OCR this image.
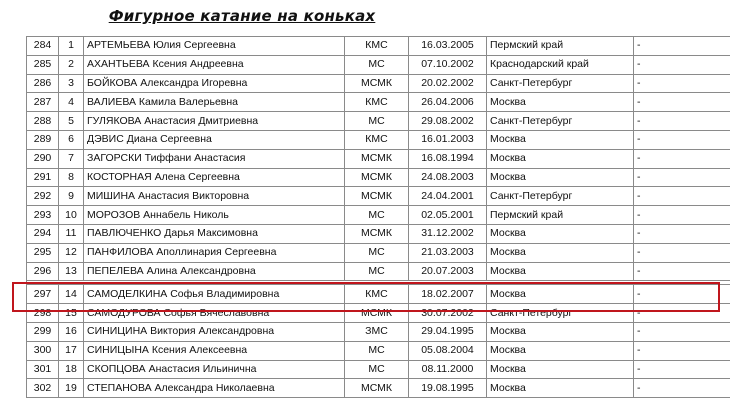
Фигурное катание на коньках
284	1	АРТЕМЬЕВА Юлия Сергеевна	КМС	16.03.2005	Пермский край	-
285	2	АХАНТЬЕВА Ксения Андреевна	МС	07.10.2002	Краснодарский край	-
286	3	БОЙКОВА Александра Игоревна	МСМК	20.02.2002	Санкт-Петербург	-
287	4	ВАЛИЕВА Камила Валерьевна	КМС	26.04.2006	Москва	-
288	5	ГУЛЯКОВА Анастасия Дмитриевна	МС	29.08.2002	Санкт-Петербург	-
289	6	ДЭВИС Диана Сергеевна	КМС	16.01.2003	Москва	-
290	7	ЗАГОРСКИ Тиффани Анастасия	МСМК	16.08.1994	Москва	-
291	8	КОСТОРНАЯ Алена Сергеевна	МСМК	24.08.2003	Москва	-
292	9	МИШИНА Анастасия Викторовна	МСМК	24.04.2001	Санкт-Петербург	-
293	10	МОРОЗОВ Аннабель Николь	МС	02.05.2001	Пермский край	-
294	11	ПАВЛЮЧЕНКО Дарья Максимовна	МСМК	31.12.2002	Москва	-
295	12	ПАНФИЛОВА Аполлинария Сергеевна	МС	21.03.2003	Москва	-
296	13	ПЕПЕЛЕВА Алина Александровна	МС	20.07.2003	Москва	-

297	14	САМОДЕЛКИНА Софья Владимировна	КМС	18.02.2007	Москва	-
298	15	САМОДУРОВА Софья Вячеславовна	МСМК	30.07.2002	Санкт-Петербург	-
299	16	СИНИЦИНА Виктория Александровна	ЗМС	29.04.1995	Москва	-
300	17	СИНИЦЫНА Ксения Алексеевна	МС	05.08.2004	Москва	-
301	18	СКОПЦОВА Анастасия Ильинична	МС	08.11.2000	Москва	-
302	19	СТЕПАНОВА Александра Николаевна	МСМК	19.08.1995	Москва	-
